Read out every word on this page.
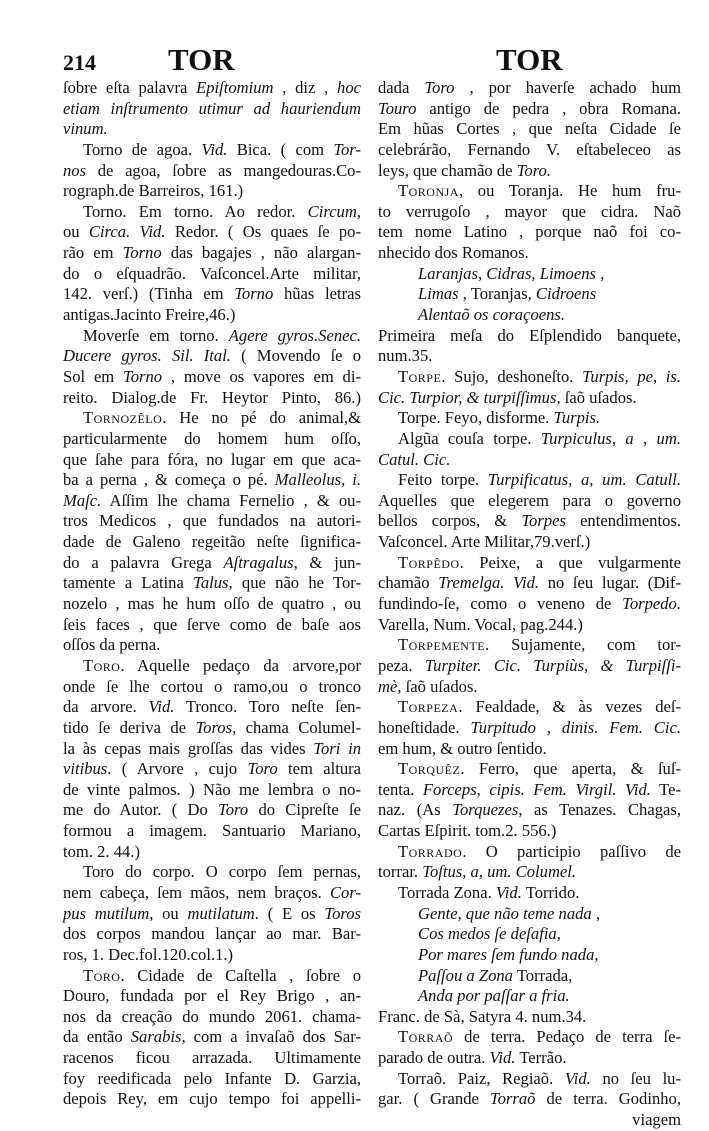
214 TOR	TOR
ſobre eſta palavra Epiſtomium , diz , hoc
etiam inſtrumento utimur ad hauriendum
vinum.
Torno de agoa. Vid. Bica. ( com Tor-
nos de agoa, ſobre as mangedouras.Co-
rograph.de Barreiros, 161.)
Torno. Em torno. Ao redor. Circum,
ou Circa. Vid. Redor. ( Os quaes ſe po-
rão em Torno das bagajes , não alargan-
do o eſquadrão. Vaſconcel.Arte militar,
142. verſ.) (Tinha em Torno hũas letras
antigas.Jacinto Freire,46.)
Moverſe em torno. Agere gyros.Senec.
Ducere gyros. Sil. Ital. ( Movendo ſe o
Sol em Torno , move os vapores em di-
reito. Dialog.de Fr. Heytor Pinto, 86.)
Tornozêlo. He no pé do animal,&
particularmente do homem hum oſſo,
que ſahe para fóra, no lugar em que aca-
ba a perna , & começa o pé. Malleolus, i.
Maſc. Aſſim lhe chama Fernelio , & ou-
tros Medicos , que fundados na autori-
dade de Galeno regeitão neſte ſignifica-
do a palavra Grega Aſtragalus, & jun-
tamente a Latina Talus, que não he Tor-
nozelo , mas he hum oſſo de quatro , ou
ſeis faces , que ſerve como de baſe aos
oſſos da perna.
Toro. Aquelle pedaço da arvore,por
onde ſe lhe cortou o ramo,ou o tronco
da arvore. Vid. Tronco. Toro neſte ſen-
tido ſe deriva de Toros, chama Columel-
la às cepas mais groſſas das vides Tori in
vitibus. ( Arvore , cujo Toro tem altura
de vinte palmos. ) Não me lembra o no-
me do Autor. ( Do Toro do Cipreſte ſe
formou a imagem. Santuario Mariano,
tom. 2. 44.)
Toro do corpo. O corpo ſem pernas,
nem cabeça, ſem mãos, nem braços. Cor-
pus mutilum, ou mutilatum. ( E os Toros
dos corpos mandou lançar ao mar. Bar-
ros, 1. Dec.fol.120.col.1.)
Toro. Cidade de Caſtella , ſobre o
Douro, fundada por el Rey Brigo , an-
nos da creação do mundo 2061. chama-
da então Sarabis, com a invaſaõ dos Sar-
racenos ficou arrazada. Ultimamente
foy reedificada pelo Infante D. Garzia,
depois Rey, em cujo tempo foi appelli-
dada Toro , por haverſe achado hum
Touro antigo de pedra , obra Romana.
Em hũas Cortes , que neſta Cidade ſe
celebrárão, Fernando V. eſtabeleceo as
leys, que chamão de Toro.
Toronja, ou Toranja. He hum fru-
to verrugoſo , mayor que cidra. Naõ
tem nome Latino , porque naõ foi co-
nhecido dos Romanos.
Laranjas, Cidras, Limoens ,
Limas , Toranjas, Cidroens
Alentaõ os coraçoens.
Primeira meſa do Eſplendido banquete,
num.35.
Torpe. Sujo, deshoneſto. Turpis, pe, is.
Cic. Turpior, & turpiſſimus, ſaõ uſados.
Torpe. Feyo, disforme. Turpis.
Algũa couſa torpe. Turpiculus, a , um.
Catul. Cic.
Feito torpe. Turpificatus, a, um. Catull.
Aquelles que elegerem para o governo
bellos corpos, & Torpes entendimentos.
Vaſconcel. Arte Militar,79.verſ.)
Torpêdo. Peixe, a que vulgarmente
chamão Tremelga. Vid. no ſeu lugar. (Dif-
fundindo-ſe, como o veneno de Torpedo.
Varella, Num. Vocal, pag.244.)
Torpemente. Sujamente, com tor-
peza. Turpiter. Cic. Turpiùs, & Turpiſſi-
mè, ſaõ uſados.
Torpeza. Fealdade, & às vezes deſ-
honeſtidade. Turpitudo , dinis. Fem. Cic.
em hum, & outro ſentido.
Torquêz. Ferro, que aperta, & ſuſ-
tenta. Forceps, cipis. Fem. Virgil. Vid. Te-
naz. (As Torquezes, as Tenazes. Chagas,
Cartas Eſpirit. tom.2. 556.)
Torrado. O participio paſſivo de
torrar. Toſtus, a, um. Columel.
Torrada Zona. Vid. Torrido.
Gente, que não teme nada ,
Cos medos ſe deſafia,
Por mares ſem fundo nada,
Paſſou a Zona Torrada,
Anda por paſſar a fria.
Franc. de Sà, Satyra 4. num.34.
Torraõ de terra. Pedaço de terra ſe-
parado de outra. Vid. Terrão.
Torraõ. Paiz, Regiaõ. Vid. no ſeu lu-
gar. ( Grande Torraõ de terra. Godinho,
viagem
